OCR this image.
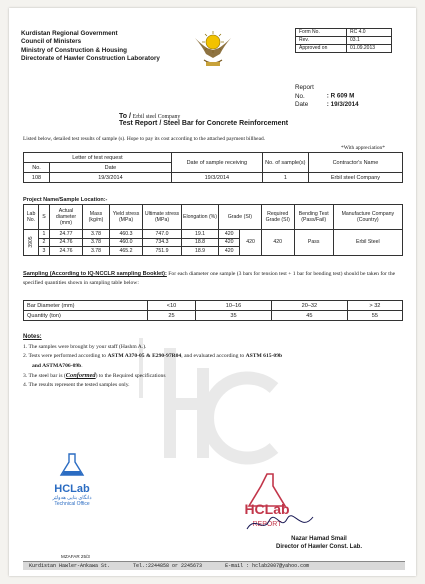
Kurdistan Regional Government
Council of Ministers
Ministry of Construction & Housing
Directorate of Hawler Construction Laboratory
Form No.	RC 4.0
Rev.	03.1
Approved on	01.09.2013
Report No.	: R 609 M
Date	: 19/3/2014
To / Erbil steel Company
Test Report / Steel Bar for Concrete Reinforcement
Listed below, detailed test results of sample (s). Hope to pay its cost according to the attached payment billhead.
*With appreciation*
Letter of test request		Date of sample receiving	No. of sample(s)	Contractor's Name
No.	Date			
108	19/3/2014	19/3/2014	1	Erbil steel Company
Project Name/Sample Location:-
Lab No.	S	Actual diameter (mm)	Mass (kg/m)	Yield stress (MPa)	Ultimate stress (MPa)	Elongation (%)	Grade (SI)		Required Grade (SI)	Bending Test (Pass/Fail)	Manufacture Company (Country)

3905	1	24.77	3.78	460.3	747.0	19.1	420	420	420	Pass	Erbil Steel
	2	24.76	3.78	460.0	734.3	18.8	420				
	3	24.76	3.78	465.2	751.9	18.9	420				
Sampling (According to IQ-NCCLR sampling Booklet): For each diameter one sample (3 bars for tension test + 1 bar for bending test) should be taken for the specified quantities shown in sampling table below:
Bar Diameter (mm)	<10	10–16	20–32	> 32
Quantity (ton)	25	35	45	55
Notes:
1. The samples were brought by your staff (Hashm A.).
2. Tests were performed according to ASTM A370-05 & E290-97R04, and evaluated according to ASTM 615-09b
and ASTMA706-09b.
3. The steel bar is (Conformed) to the Required specifications
4. The results represent the tested samples only.
HCLab
دانگای بنایی هەولێر
Technical Office	HCLab
REPORT
Nazar Hamad Smail
Director of Hawler Const. Lab.
MZAFAR 25/3
Kurdistan Hawler-Ankawa St.	Tel.:2244858 or 2245673	E-mail : hclab2007@yahoo.com
